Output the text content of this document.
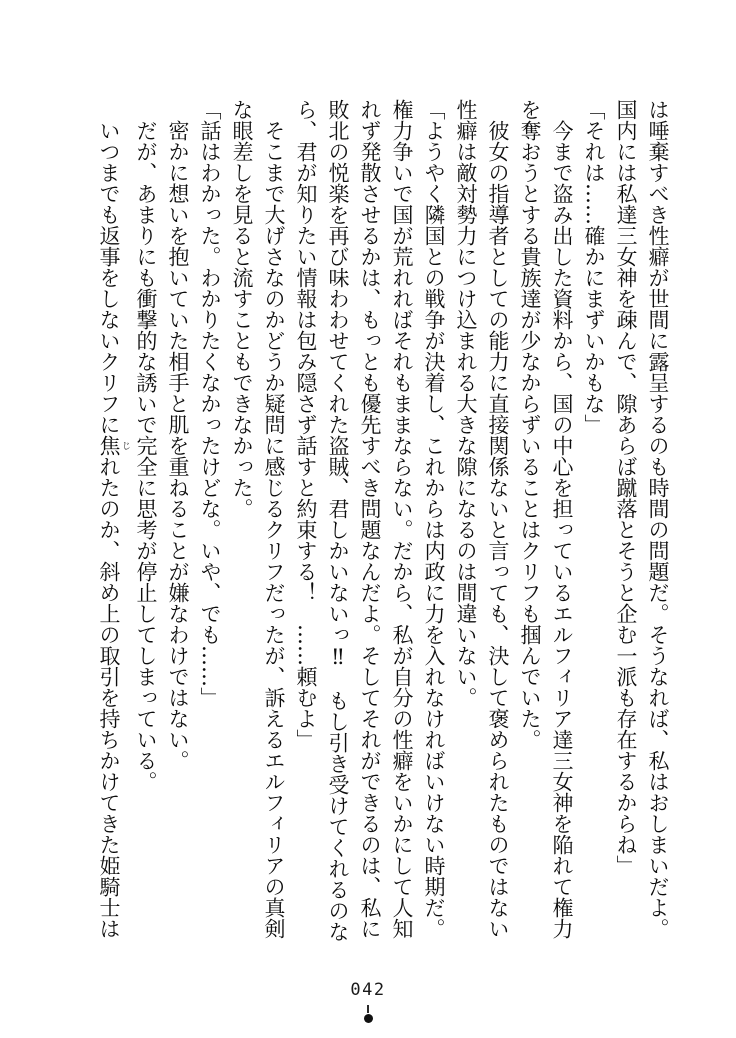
は唾棄すべき性癖が世間に露呈するのも時間の問題だ。そうなれば、私はおしまいだよ。

国内には私達三女神を疎んで、隙あらば蹴落とそうと企む一派も存在するからね」

「それは……確かにまずいかもな」

今まで盗み出した資料から、国の中心を担っているエルフィリア達三女神を陥れて権力

を奪おうとする貴族達が少なからずいることはクリフも掴んでいた。

彼女の指導者としての能力に直接関係ないと言っても、決して褒められたものではない

性癖は敵対勢力につけ込まれる大きな隙になるのは間違いない。

「ようやく隣国との戦争が決着し、これからは内政に力を入れなければいけない時期だ。

権力争いで国が荒れればそれもままならない。だから、私が自分の性癖をいかにして人知

れず発散させるかは、もっとも優先すべき問題なんだよ。そしてそれができるのは、私に

敗北の悦楽を再び味わわせてくれた盗賊、君しかいないっ‼　もし引き受けてくれるのな

ら、君が知りたい情報は包み隠さず話すと約束する！　……頼むよ」

そこまで大げさなのかどうか疑問に感じるクリフだったが、訴えるエルフィリアの真剣

な眼差しを見ると流すこともできなかった。

「話はわかった。わかりたくなかったけどな。いや、でも……」

密かに想いを抱いていた相手と肌を重ねることが嫌なわけではない。

だが、あまりにも衝撃的な誘いで完全に思考が停止してしまっている。

いつまでも返事をしないクリフに焦 じれたのか、斜め上の取引を持ちかけてきた姫騎士は

042
